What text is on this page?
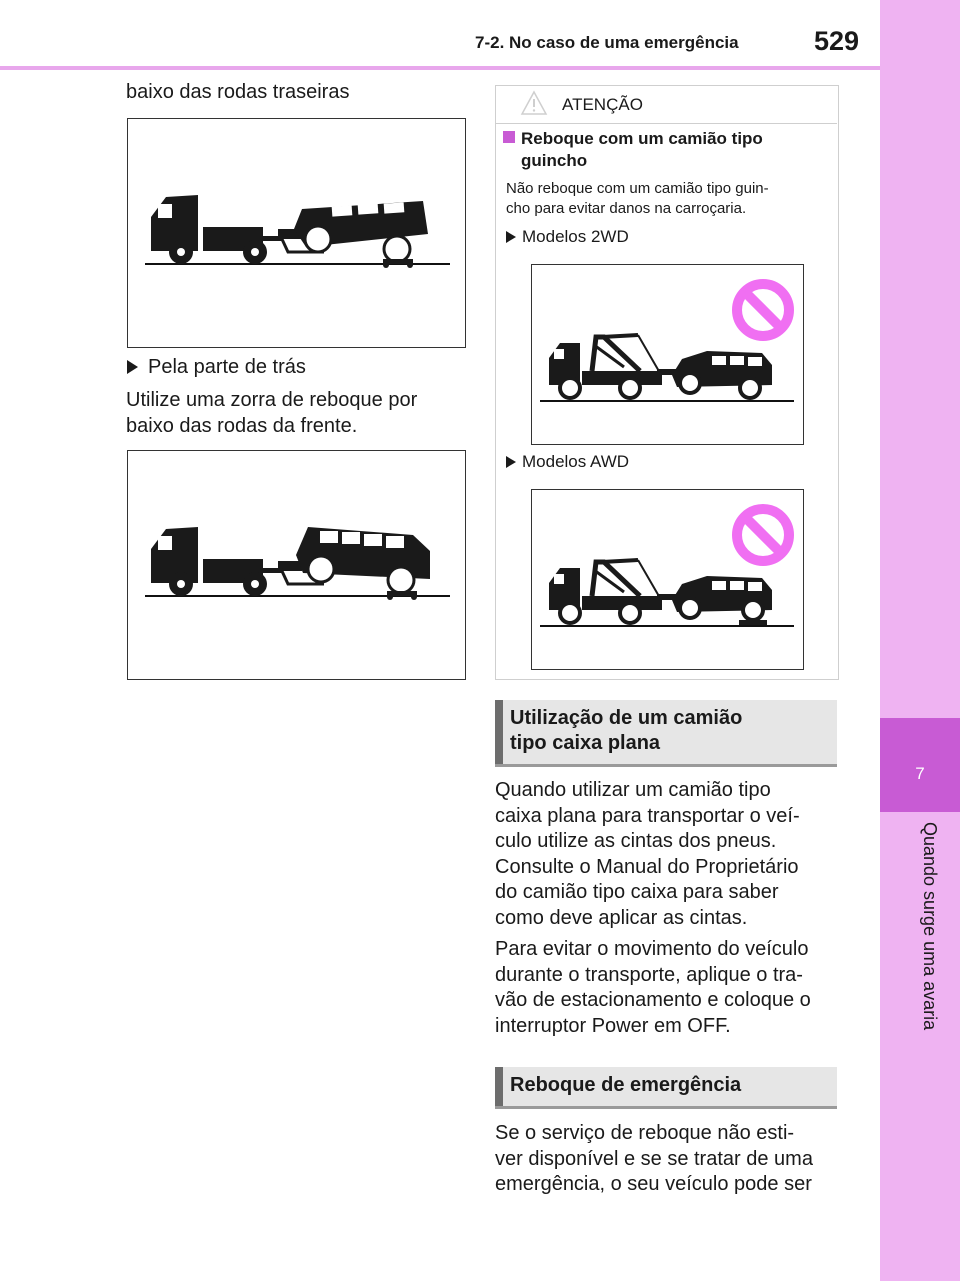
7
Quando surge uma avaria
7-2. No caso de uma emergência	529
baixo das rodas traseiras
Pela parte de trás
Utilize uma zorra de reboque por
baixo das rodas da frente.
ATENÇÃO
Reboque com um camião tipo
guincho
Não reboque com um camião tipo guin-
cho para evitar danos na carroçaria.
Modelos 2WD
Modelos AWD
Utilização de um camião
tipo caixa plana
Quando utilizar um camião tipo
caixa plana para transportar o veí-
culo utilize as cintas dos pneus.
Consulte o Manual do Proprietário
do camião tipo caixa para saber
como deve aplicar as cintas.
Para evitar o movimento do veículo
durante o transporte, aplique o tra-
vão de estacionamento e coloque o
interruptor Power em OFF.
Reboque de emergência
Se o serviço de reboque não esti-
ver disponível e se se tratar de uma
emergência, o seu veículo pode ser
